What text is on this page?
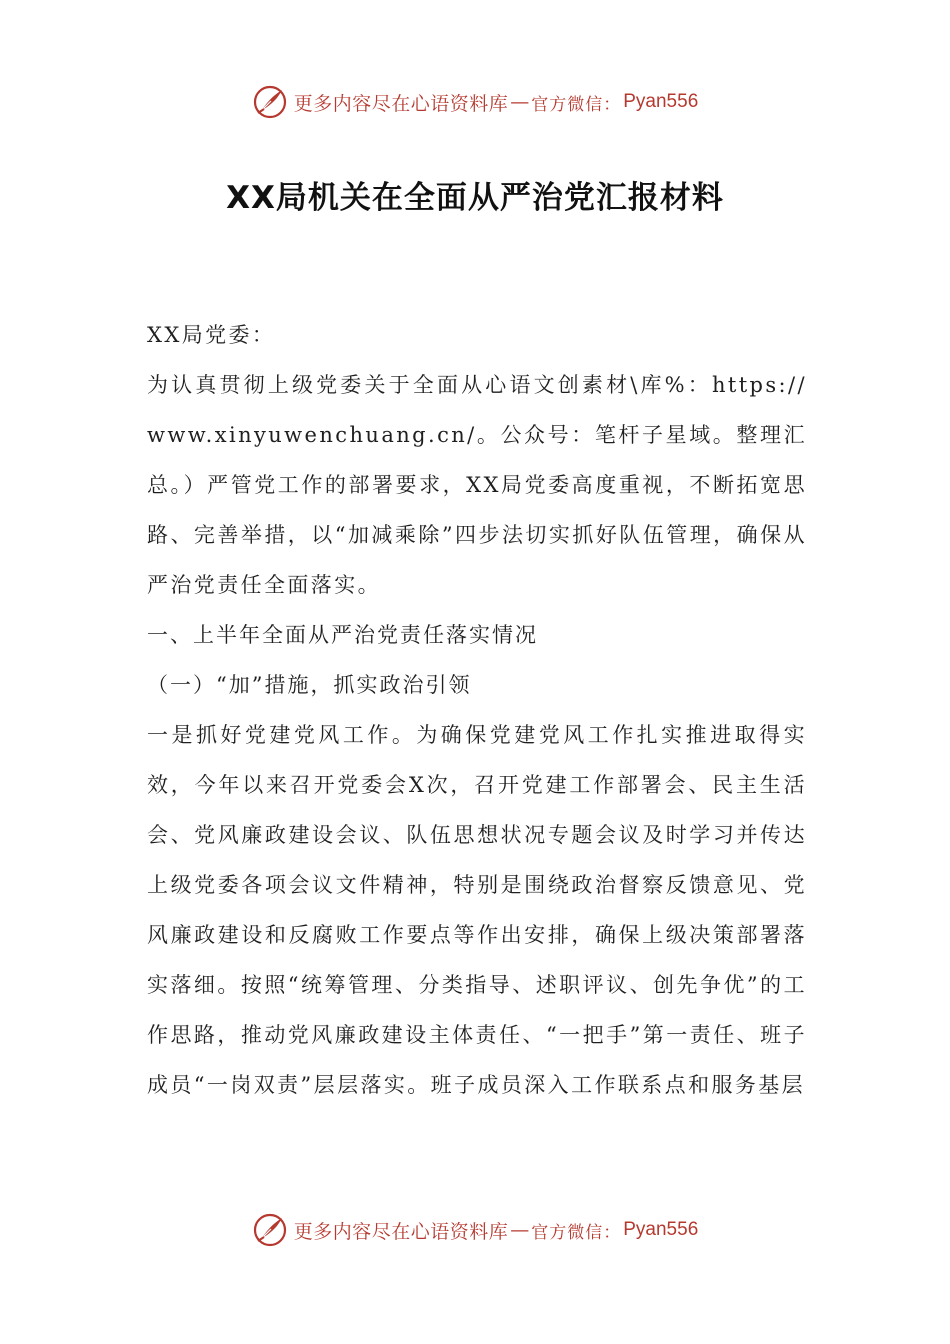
更多内容尽在心语资料库 — 官方微信： Pyan556
XX局机关在全面从严治党汇报材料

XX局党委：

为认真贯彻上级党委关于全面从心语文创素材\库%：https://www.xinyuwenchuang.cn/。公众号：笔杆子星域。整理汇总。）严管党工作的部署要求，XX局党委高度重视，不断拓宽思路、完善举措，以“加减乘除”四步法切实抓好队伍管理，确保从严治党责任全面落实。

一、上半年全面从严治党责任落实情况

（一）“加”措施，抓实政治引领

一是抓好党建党风工作。为确保党建党风工作扎实推进取得实效，今年以来召开党委会X次，召开党建工作部署会、民主生活会、党风廉政建设会议、队伍思想状况专题会议及时学习并传达上级党委各项会议文件精神，特别是围绕政治督察反馈意见、党风廉政建设和反腐败工作要点等作出安排，确保上级决策部署落实落细。按照“统筹管理、分类指导、述职评议、创先争优”的工作思路，推动党风廉政建设主体责任、“一把手”第一责任、班子成员“一岗双责”层层落实。班子成员深入工作联系点和服务基层

更多内容尽在心语资料库 — 官方微信： Pyan556
